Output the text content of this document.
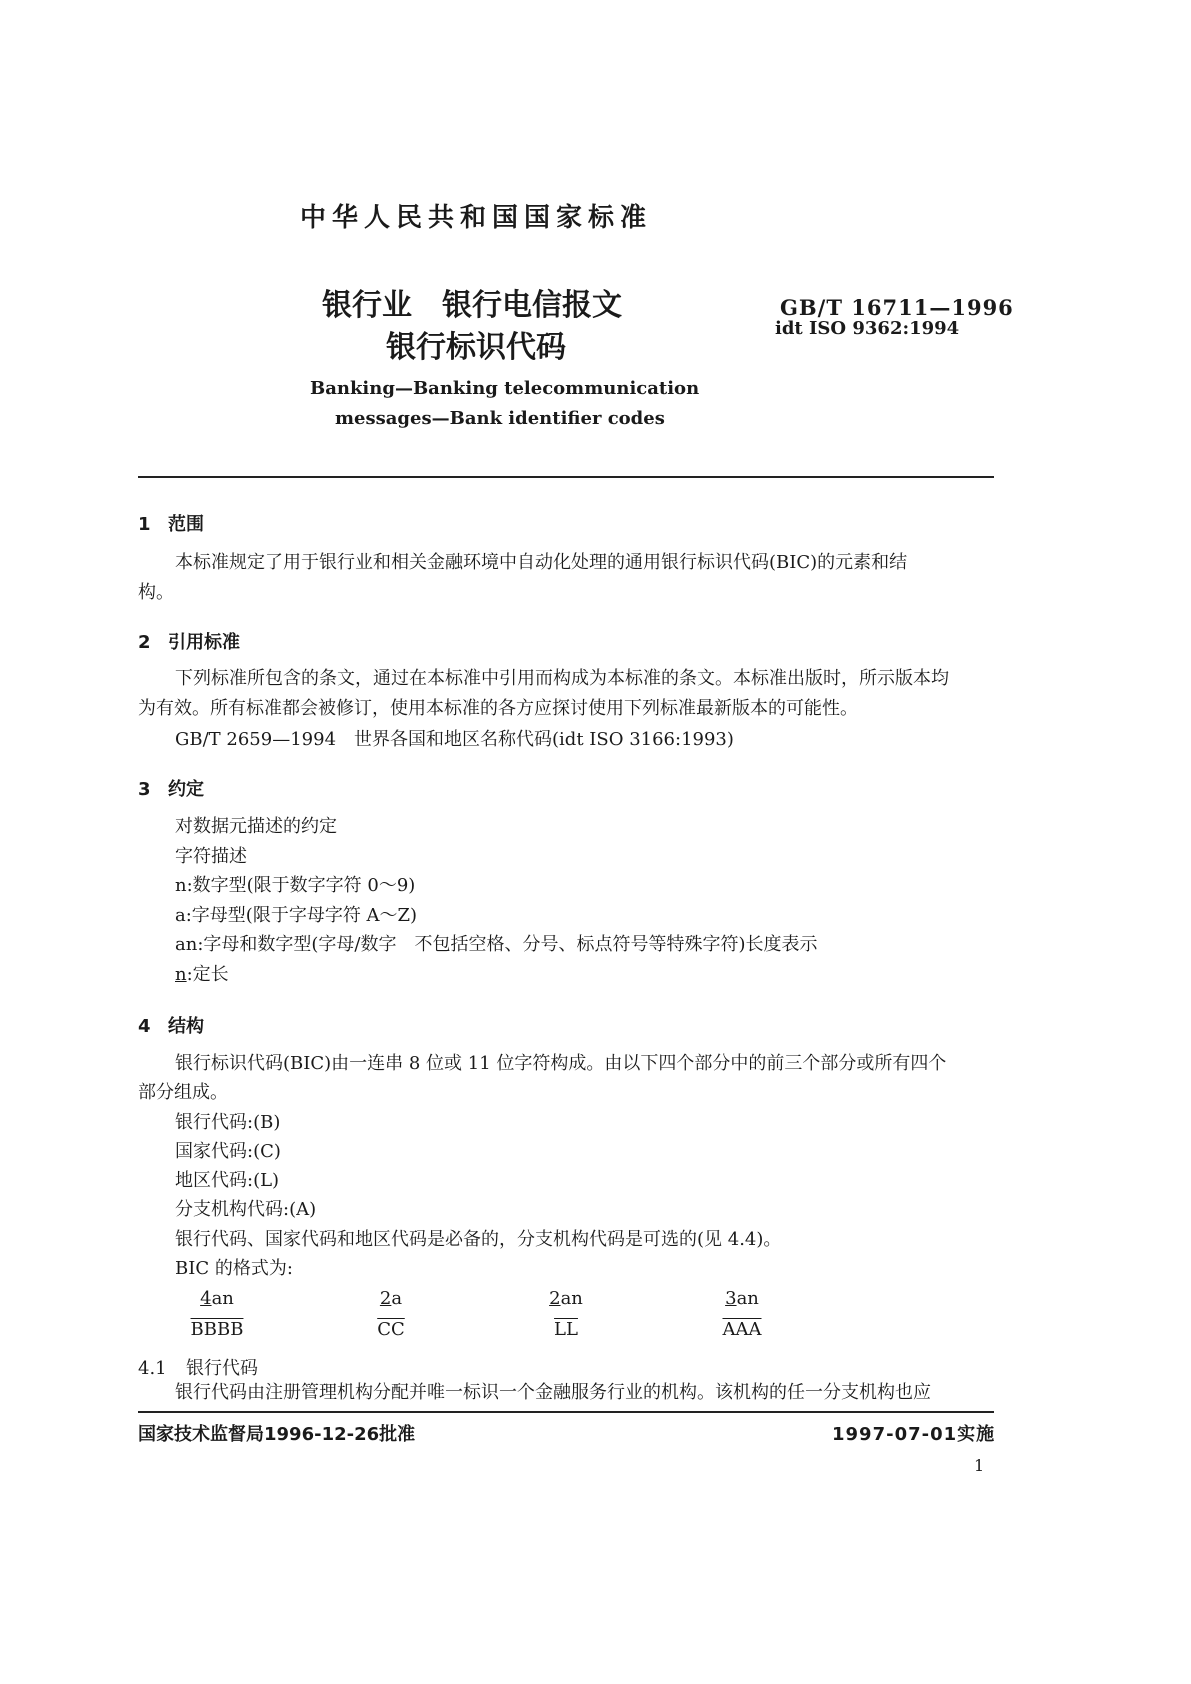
中华人民共和国国家标准
银行业　银行电信报文
银行标识代码
GB/T 16711—1996
idt ISO 9362:1994
Banking—Banking telecommunication
messages—Bank identifier codes
1 范围
本标准规定了用于银行业和相关金融环境中自动化处理的通用银行标识代码(BIC)的元素和结
构。
2 引用标准
下列标准所包含的条文，通过在本标准中引用而构成为本标准的条文。本标准出版时，所示版本均
为有效。所有标准都会被修订，使用本标准的各方应探讨使用下列标准最新版本的可能性。
GB/T 2659—1994　世界各国和地区名称代码(idt ISO 3166:1993)
3 约定
对数据元描述的约定
字符描述
n:数字型(限于数字字符 0～9)
a:字母型(限于字母字符 A～Z)
an:字母和数字型(字母/数字　不包括空格、分号、标点符号等特殊字符)长度表示
n:定长
4 结构
银行标识代码(BIC)由一连串 8 位或 11 位字符构成。由以下四个部分中的前三个部分或所有四个
部分组成。
银行代码:(B)
国家代码:(C)
地区代码:(L)
分支机构代码:(A)
银行代码、国家代码和地区代码是必备的，分支机构代码是可选的(见 4.4)。
BIC 的格式为:
4an
BBBB
2a
$\overline{CC}$
2an
$\overline{LL}$
3an
$\overline{AAA}$
4.1 银行代码
银行代码由注册管理机构分配并唯一标识一个金融服务行业的机构。该机构的任一分支机构也应
国家技术监督局1996-12-26批准	1997-07-01实施
1
